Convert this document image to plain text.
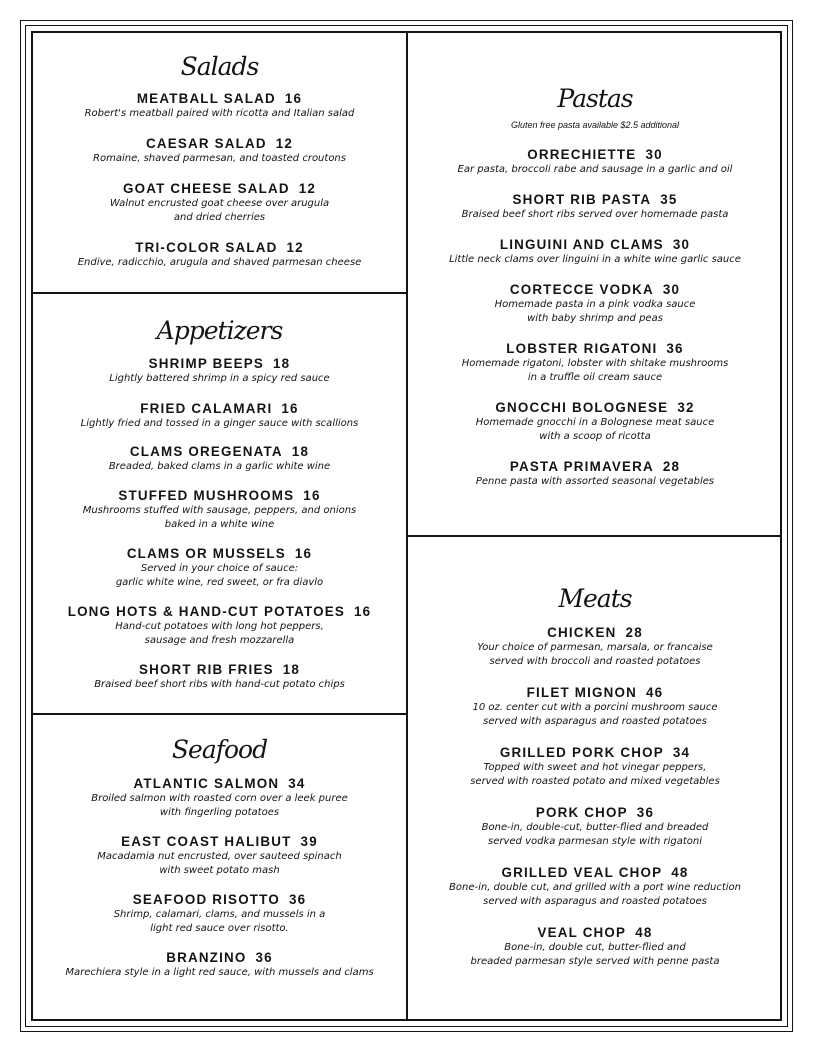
Salads

MEATBALL SALAD 16

Robert's meatball paired with ricotta and Italian salad

CAESAR SALAD 12

Romaine, shaved parmesan, and toasted croutons

GOAT CHEESE SALAD 12

Walnut encrusted goat cheese over arugula
and dried cherries

TRI-COLOR SALAD 12

Endive, radicchio, arugula and shaved parmesan cheese

Appetizers

SHRIMP BEEPS 18

Lightly battered shrimp in a spicy red sauce

FRIED CALAMARI 16

Lightly fried and tossed in a ginger sauce with scallions

CLAMS OREGENATA 18

Breaded, baked clams in a garlic white wine

STUFFED MUSHROOMS 16

Mushrooms stuffed with sausage, peppers, and onions
baked in a white wine

CLAMS OR MUSSELS 16

Served in your choice of sauce:
garlic white wine, red sweet, or fra diavlo

LONG HOTS & HAND-CUT POTATOES 16

Hand-cut potatoes with long hot peppers,
sausage and fresh mozzarella

SHORT RIB FRIES 18

Braised beef short ribs with hand-cut potato chips

Seafood

ATLANTIC SALMON 34

Broiled salmon with roasted corn over a leek puree
with fingerling potatoes

EAST COAST HALIBUT 39

Macadamia nut encrusted, over sauteed spinach
with sweet potato mash

SEAFOOD RISOTTO 36

Shrimp, calamari, clams, and mussels in a
light red sauce over risotto.

BRANZINO 36

Marechiera style in a light red sauce, with mussels and clams

Pastas

Gluten free pasta available $2.5 additional

ORRECHIETTE 30

Ear pasta, broccoli rabe and sausage in a garlic and oil

SHORT RIB PASTA 35

Braised beef short ribs served over homemade pasta

LINGUINI AND CLAMS 30

Little neck clams over linguini in a white wine garlic sauce

CORTECCE VODKA 30

Homemade pasta in a pink vodka sauce
with baby shrimp and peas

LOBSTER RIGATONI 36

Homemade rigatoni, lobster with shitake mushrooms
in a truffle oil cream sauce

GNOCCHI BOLOGNESE 32

Homemade gnocchi in a Bolognese meat sauce
with a scoop of ricotta

PASTA PRIMAVERA 28

Penne pasta with assorted seasonal vegetables

Meats

CHICKEN 28

Your choice of parmesan, marsala, or francaise
served with broccoli and roasted potatoes

FILET MIGNON 46

10 oz. center cut with a porcini mushroom sauce
served with asparagus and roasted potatoes

GRILLED PORK CHOP 34

Topped with sweet and hot vinegar peppers,
served with roasted potato and mixed vegetables

PORK CHOP 36

Bone-in, double-cut, butter-flied and breaded
served vodka parmesan style with rigatoni

GRILLED VEAL CHOP 48

Bone-in, double cut, and grilled with a port wine reduction
served with asparagus and roasted potatoes

VEAL CHOP 48

Bone-in, double cut, butter-flied and
breaded parmesan style served with penne pasta
